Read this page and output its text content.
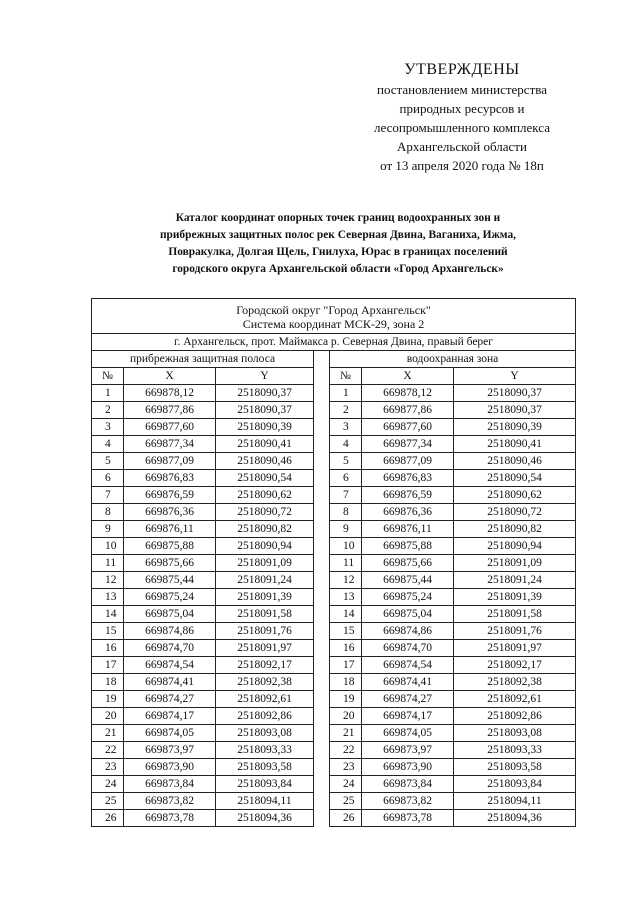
УТВЕРЖДЕНЫ
постановлением министерства
природных ресурсов и
лесопромышленного комплекса
Архангельской области
от 13 апреля 2020 года № 18п
Каталог координат опорных точек границ водоохранных зон и
прибрежных защитных полос рек Северная Двина, Ваганиха, Ижма,
Повракулка, Долгая Щель, Гнилуха, Юрас в границах поселений
городского округа Архангельской области «Город Архангельск»
Городской округ "Город Архангельск"
Система координат МСК-29, зона 2						

г. Архангельск, прот. Маймакса р. Северная Двина, правый берег						
прибрежная защитная полоса				водоохранная зона		
№	X	Y		№	X	Y
1	669878,12	2518090,37		1	669878,12	2518090,37
2	669877,86	2518090,37		2	669877,86	2518090,37
3	669877,60	2518090,39		3	669877,60	2518090,39
4	669877,34	2518090,41		4	669877,34	2518090,41
5	669877,09	2518090,46		5	669877,09	2518090,46
6	669876,83	2518090,54		6	669876,83	2518090,54
7	669876,59	2518090,62		7	669876,59	2518090,62
8	669876,36	2518090,72		8	669876,36	2518090,72
9	669876,11	2518090,82		9	669876,11	2518090,82
10	669875,88	2518090,94		10	669875,88	2518090,94
11	669875,66	2518091,09		11	669875,66	2518091,09
12	669875,44	2518091,24		12	669875,44	2518091,24
13	669875,24	2518091,39		13	669875,24	2518091,39
14	669875,04	2518091,58		14	669875,04	2518091,58
15	669874,86	2518091,76		15	669874,86	2518091,76
16	669874,70	2518091,97		16	669874,70	2518091,97
17	669874,54	2518092,17		17	669874,54	2518092,17
18	669874,41	2518092,38		18	669874,41	2518092,38
19	669874,27	2518092,61		19	669874,27	2518092,61
20	669874,17	2518092,86		20	669874,17	2518092,86
21	669874,05	2518093,08		21	669874,05	2518093,08
22	669873,97	2518093,33		22	669873,97	2518093,33
23	669873,90	2518093,58		23	669873,90	2518093,58
24	669873,84	2518093,84		24	669873,84	2518093,84
25	669873,82	2518094,11		25	669873,82	2518094,11
26	669873,78	2518094,36		26	669873,78	2518094,36
